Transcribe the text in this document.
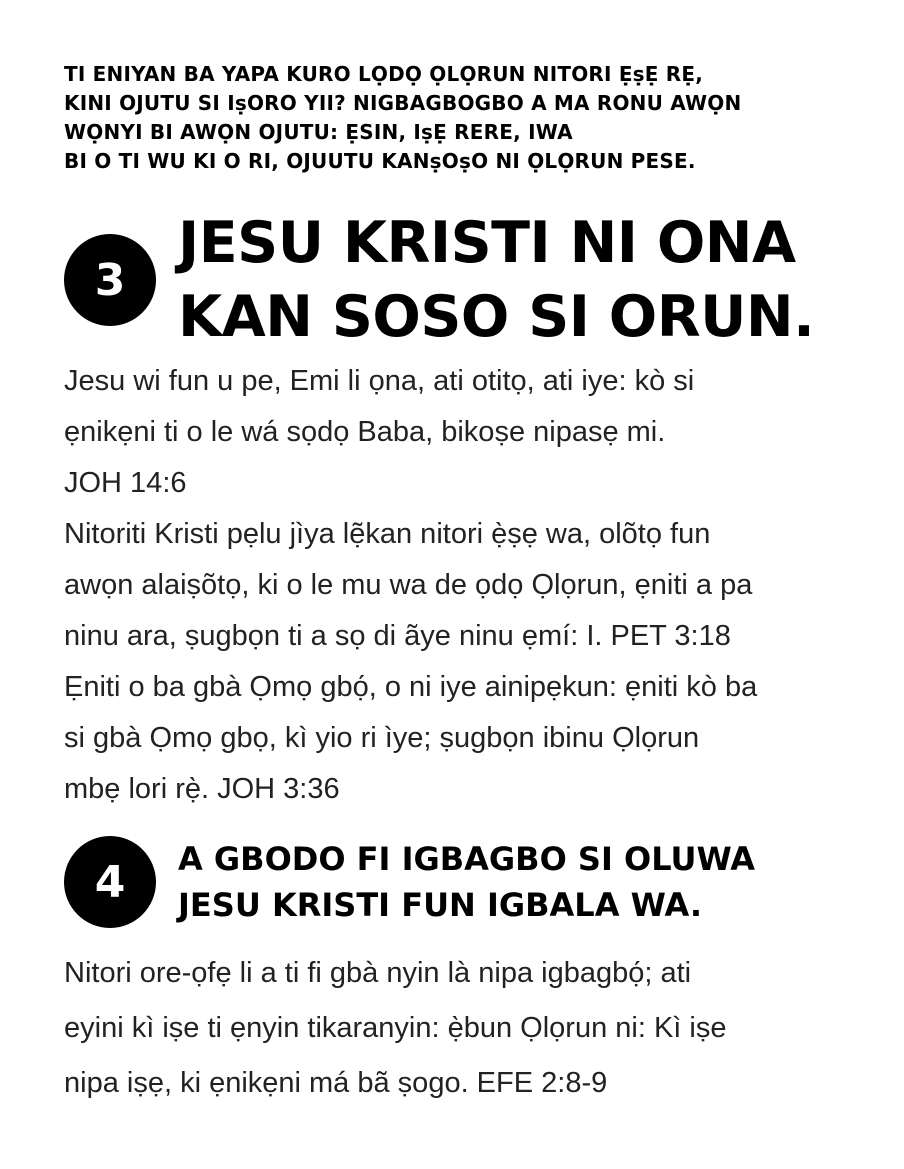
TI ENIYAN BA YAPA KURO LỌDỌ ỌLỌRUN NITORI ẸṣẸ RẸ,
KINI OJUTU SI IṣORO YII? NIGBAGBOGBO A MA RONU AWỌN
WỌNYI BI AWỌN OJUTU: ẸSIN, IṣẸ RERE, IWA
BI O TI WU KI O RI, OJUUTU KANṣOṣO NI ỌLỌRUN PESE.
3
JESU KRISTI NI ONA
KAN SOSO SI ORUN.
Jesu wi fun u pe, Emi li ọna, ati otitọ, ati iye: kò si
ẹnikẹni ti o le wá sọdọ Baba, bikoṣe nipasẹ mi.
JOH 14:6
Nitoriti Kristi pẹlu jìya lẹ̃kan nitori ẹ̀ṣẹ wa, olõtọ fun
awọn alaiṣõtọ, ki o le mu wa de ọdọ Ọlọrun, ẹniti a pa
ninu ara, ṣugbọn ti a sọ di ãye ninu ẹmí: I. PET 3:18
Ẹniti o ba gbà Ọmọ gbọ́, o ni iye ainipẹkun: ẹniti kò ba
si gbà Ọmọ gbọ, kì yio ri ìye; ṣugbọn ibinu Ọlọrun
mbẹ lori rẹ̀. JOH 3:36
4	A GBODO FI IGBAGBO SI OLUWA
JESU KRISTI FUN IGBALA WA.
Nitori ore-ọfẹ li a ti fi gbà nyin là nipa igbagbọ́; ati
eyini kì iṣe ti ẹnyin tikaranyin: ẹ̀bun Ọlọrun ni: Kì iṣe
nipa iṣẹ, ki ẹnikẹni má bã ṣogo. EFE 2:8-9
